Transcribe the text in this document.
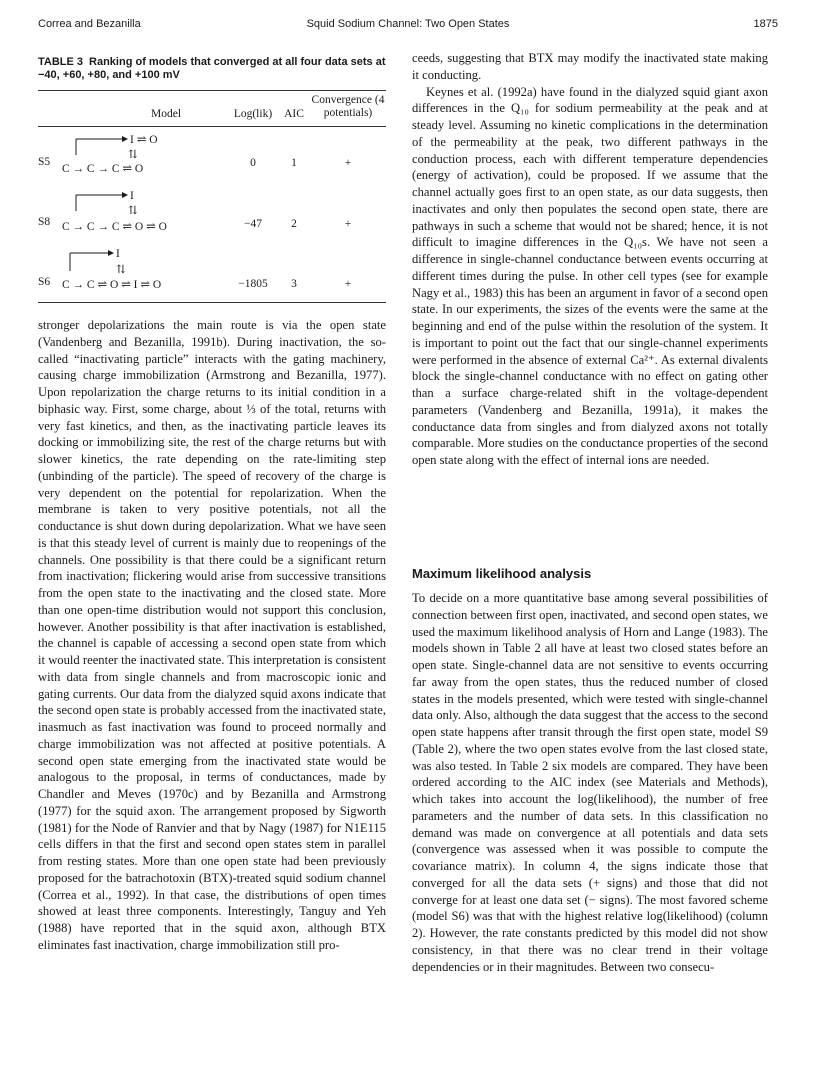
Correa and Bezanilla	Squid Sodium Channel: Two Open States	1875
TABLE 3 Ranking of models that converged at all four data sets at −40, +60, +80, and +100 mV
Model	Log(lik)	AIC
Convergence (4 potentials)
S5
I ⇌ O
⇅
C → C → C ⇌ O	0	1	+
S8
I
⇅
C → C → C ⇌ O ⇌ O	−47	2	+
S6
I
⇅
C → C ⇌ O ⇌ I ⇌ O	−1805	3	+

stronger depolarizations the main route is via the open state (Vandenberg and Bezanilla, 1991b). During inactivation, the so-called “inactivating particle” interacts with the gating machinery, causing charge immobilization (Armstrong and Bezanilla, 1977). Upon repolarization the charge returns to its initial condition in a biphasic way. First, some charge, about ⅓ of the total, returns with very fast kinetics, and then, as the inactivating particle leaves its docking or immobilizing site, the rest of the charge returns but with slower kinetics, the rate depending on the rate-limiting step (unbinding of the particle). The speed of recovery of the charge is very dependent on the potential for repolarization. When the membrane is taken to very positive potentials, not all the conductance is shut down during depolarization. What we have seen is that this steady level of current is mainly due to reopenings of the channels. One possibility is that there could be a significant return from inactivation; flickering would arise from successive transitions from the open state to the inactivating and the closed state. More than one open-time distribution would not support this conclusion, however. Another possibility is that after inactivation is established, the channel is capable of accessing a second open state from which it would reenter the inactivated state. This interpretation is consistent with data from single channels and from macroscopic ionic and gating currents. Our data from the dialyzed squid axons indicate that the second open state is probably accessed from the inactivated state, inasmuch as fast inactivation was found to proceed normally and charge immobilization was not affected at positive potentials. A second open state emerging from the inactivated state would be analogous to the proposal, in terms of conductances, made by Chandler and Meves (1970c) and by Bezanilla and Armstrong (1977) for the squid axon. The arrangement proposed by Sigworth (1981) for the Node of Ranvier and that by Nagy (1987) for N1E115 cells differs in that the first and second open states stem in parallel from resting states. More than one open state had been previously proposed for the batrachotoxin (BTX)-treated squid sodium channel (Correa et al., 1992). In that case, the distributions of open times showed at least three components. Interestingly, Tanguy and Yeh (1988) have reported that in the squid axon, although BTX eliminates fast inactivation, charge immobilization still pro-

ceeds, suggesting that BTX may modify the inactivated state making it conducting.

Keynes et al. (1992a) have found in the dialyzed squid giant axon differences in the Q₁₀ for sodium permeability at the peak and at steady level. Assuming no kinetic complications in the determination of the permeability at the peak, two different pathways in the conduction process, each with different temperature dependencies (energy of activation), could be proposed. If we assume that the channel actually goes first to an open state, as our data suggests, then inactivates and only then populates the second open state, there are pathways in such a scheme that would not be shared; hence, it is not difficult to imagine differences in the Q₁₀s. We have not seen a difference in single-channel conductance between events occurring at different times during the pulse. In other cell types (see for example Nagy et al., 1983) this has been an argument in favor of a second open state. In our experiments, the sizes of the events were the same at the beginning and end of the pulse within the resolution of the system. It is important to point out the fact that our single-channel experiments were performed in the absence of external Ca²⁺. As external divalents block the single-channel conductance with no effect on gating other than a surface charge-related shift in the voltage-dependent parameters (Vandenberg and Bezanilla, 1991a), it makes the conductance data from singles and from dialyzed axons not totally comparable. More studies on the conductance properties of the second open state along with the effect of internal ions are needed.

Maximum likelihood analysis

To decide on a more quantitative base among several possibilities of connection between first open, inactivated, and second open states, we used the maximum likelihood analysis of Horn and Lange (1983). The models shown in Table 2 all have at least two closed states before an open state. Single-channel data are not sensitive to events occurring far away from the open states, thus the reduced number of closed states in the models presented, which were tested with single-channel data only. Also, although the data suggest that the access to the second open state happens after transit through the first open state, model S9 (Table 2), where the two open states evolve from the last closed state, was also tested. In Table 2 six models are compared. They have been ordered according to the AIC index (see Materials and Methods), which takes into account the log(likelihood), the number of free parameters and the number of data sets. In this classification no demand was made on convergence at all potentials and data sets (convergence was assessed when it was possible to compute the covariance matrix). In column 4, the signs indicate those that converged for all the data sets (+ signs) and those that did not converge for at least one data set (− signs). The most favored scheme (model S6) was that with the highest relative log(likelihood) (column 2). However, the rate constants predicted by this model did not show consistency, in that there was no clear trend in their voltage dependencies or in their magnitudes. Between two consecu-
